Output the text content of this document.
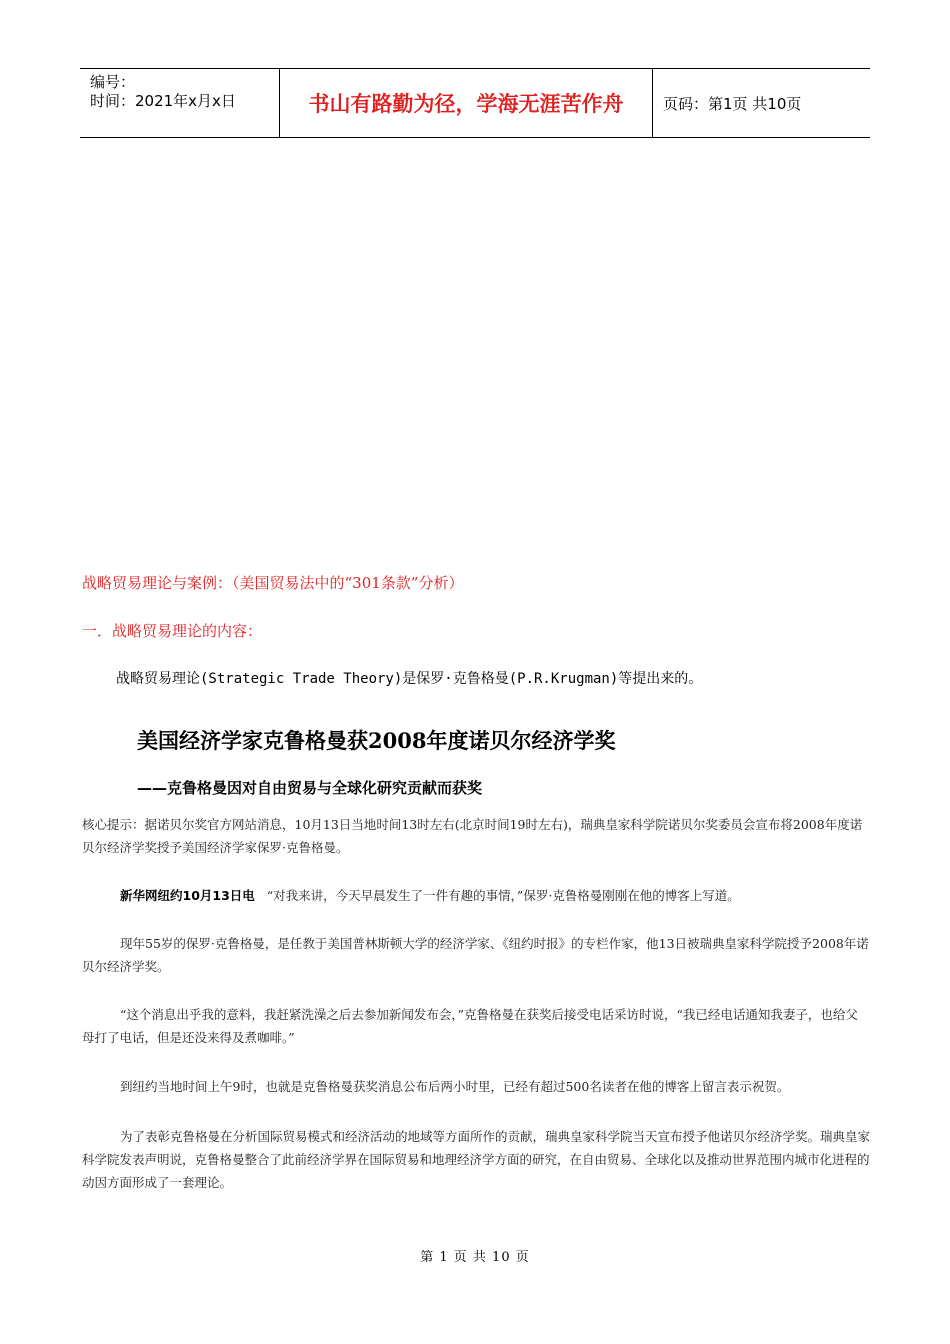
编号：
时间：2021年x月x日	书山有路勤为径，学海无涯苦作舟	页码：第1页 共10页
战略贸易理论与案例：（美国贸易法中的“301条款”分析）
一．战略贸易理论的内容：
战略贸易理论(Strategic Trade Theory)是保罗·克鲁格曼(P.R.Krugman)等提出来的。
美国经济学家克鲁格曼获2008年度诺贝尔经济学奖
——克鲁格曼因对自由贸易与全球化研究贡献而获奖
核心提示：据诺贝尔奖官方网站消息，10月13日当地时间13时左右(北京时间19时左右)，瑞典皇家科学院诺贝尔奖委员会宣布将2008年度诺贝尔经济学奖授予美国经济学家保罗·克鲁格曼。
新华网纽约10月13日电 “对我来讲，今天早晨发生了一件有趣的事情，”保罗·克鲁格曼刚刚在他的博客上写道。
现年55岁的保罗·克鲁格曼，是任教于美国普林斯顿大学的经济学家、《纽约时报》的专栏作家，他13日被瑞典皇家科学院授予2008年诺贝尔经济学奖。
“这个消息出乎我的意料，我赶紧洗澡之后去参加新闻发布会，”克鲁格曼在获奖后接受电话采访时说，“我已经电话通知我妻子，也给父母打了电话，但是还没来得及煮咖啡。”
到纽约当地时间上午9时，也就是克鲁格曼获奖消息公布后两小时里，已经有超过500名读者在他的博客上留言表示祝贺。
为了表彰克鲁格曼在分析国际贸易模式和经济活动的地域等方面所作的贡献，瑞典皇家科学院当天宣布授予他诺贝尔经济学奖。瑞典皇家科学院发表声明说，克鲁格曼整合了此前经济学界在国际贸易和地理经济学方面的研究，在自由贸易、全球化以及推动世界范围内城市化进程的动因方面形成了一套理论。
第 1 页 共 10 页
